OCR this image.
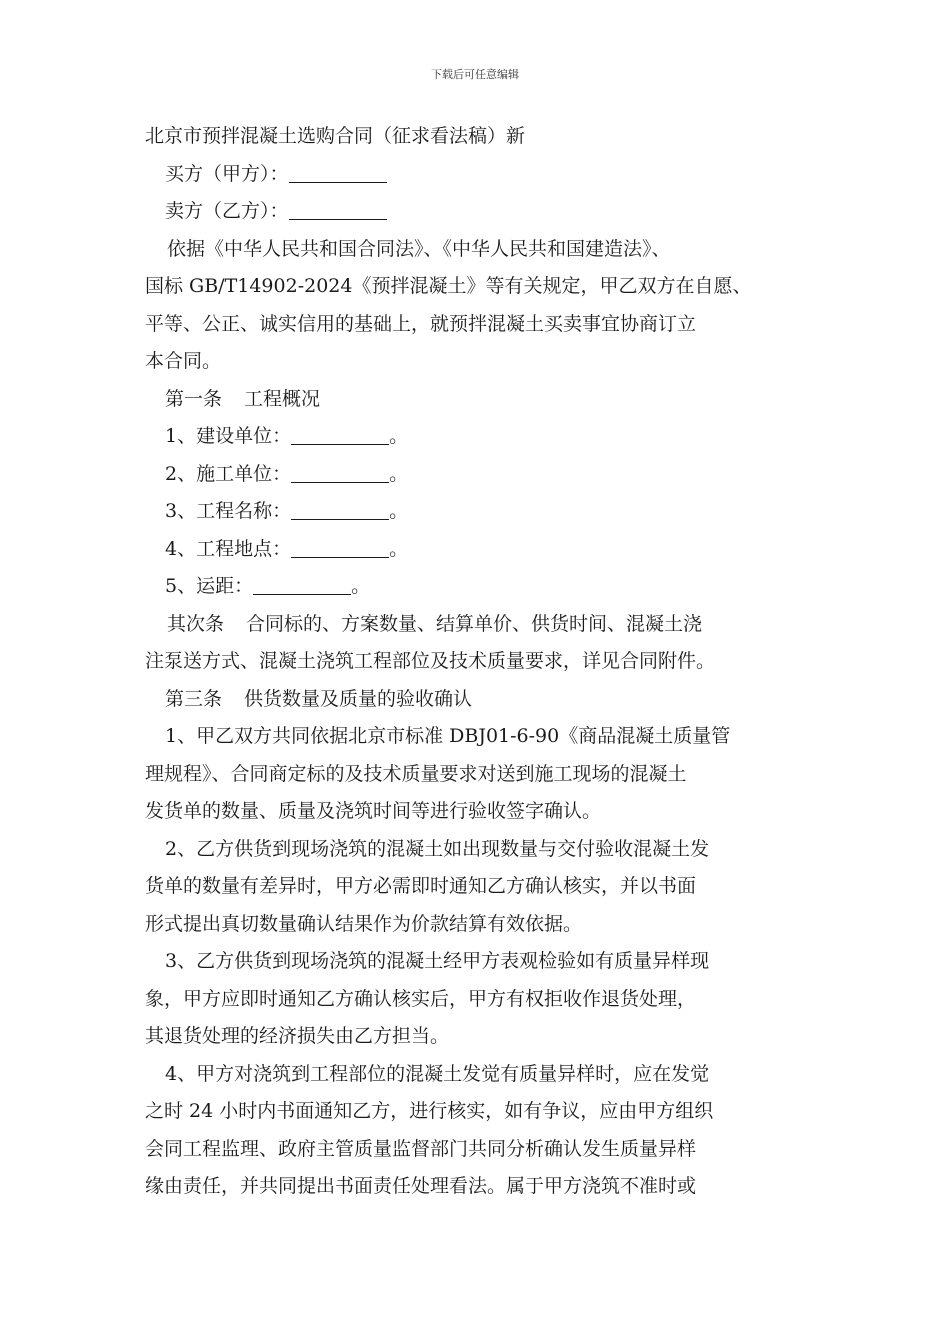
下载后可任意编辑
北京市预拌混凝土选购合同（征求看法稿）新
买方（甲方）：
卖方（乙方）：
依据《中华人民共和国合同法》、《中华人民共和国建造法》、
国标 GB/T14902-2024《预拌混凝土》等有关规定，甲乙双方在自愿、
平等、公正、诚实信用的基础上，就预拌混凝土买卖事宜协商订立
本合同。
第一条 工程概况
1、建设单位：	。
2、施工单位：	。
3、工程名称：	。
4、工程地点：	。
5、运距：	。
其次条 合同标的、方案数量、结算单价、供货时间、混凝土浇
注泵送方式、混凝土浇筑工程部位及技术质量要求，详见合同附件。
第三条 供货数量及质量的验收确认
1、甲乙双方共同依据北京市标准 DBJ01-6-90《商品混凝土质量管
理规程》、合同商定标的及技术质量要求对送到施工现场的混凝土
发货单的数量、质量及浇筑时间等进行验收签字确认。
2、乙方供货到现场浇筑的混凝土如出现数量与交付验收混凝土发
货单的数量有差异时，甲方必需即时通知乙方确认核实，并以书面
形式提出真切数量确认结果作为价款结算有效依据。
3、乙方供货到现场浇筑的混凝土经甲方表观检验如有质量异样现
象，甲方应即时通知乙方确认核实后，甲方有权拒收作退货处理，
其退货处理的经济损失由乙方担当。
4、甲方对浇筑到工程部位的混凝土发觉有质量异样时，应在发觉
之时 24 小时内书面通知乙方，进行核实，如有争议，应由甲方组织
会同工程监理、政府主管质量监督部门共同分析确认发生质量异样
缘由责任，并共同提出书面责任处理看法。属于甲方浇筑不准时或
